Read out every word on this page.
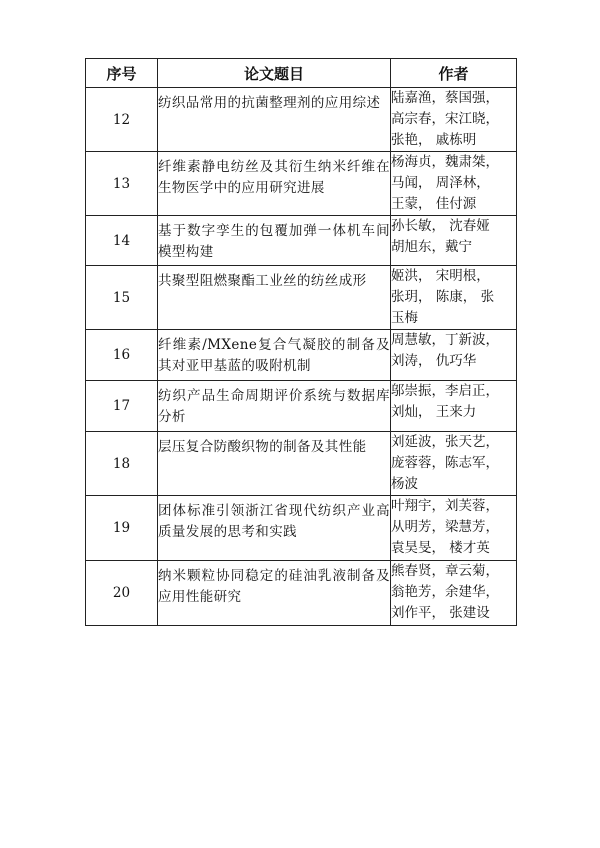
序号	论文题目	作者
12	纺织品常用的抗菌整理剂的应用综述	陆嘉渔，蔡国强，
高宗春，宋江晓，
张艳， 戚栋明

13	纤维素静电纺丝及其衍生纳米纤维在生物医学中的应用研究进展	杨海贞，魏肃桀，
马闻， 周泽林，
王蒙， 佳付源

14	基于数字孪生的包覆加弹一体机车间模型构建	孙长敏， 沈春娅
胡旭东，戴宁

15	共聚型阻燃聚酯工业丝的纺丝成形	姬洪， 宋明根，
张玥， 陈康， 张
玉梅

16	纤维素/MXene复合气凝胶的制备及其对亚甲基蓝的吸附机制	周慧敏，丁新波，
刘涛， 仇巧华

17	纺织产品生命周期评价系统与数据库分析	邬崇振，李启正，
刘灿， 王来力

18	层压复合防酸织物的制备及其性能	刘延波，张天艺，
庞蓉蓉，陈志军，
杨波

19	团体标准引领浙江省现代纺织产业高质量发展的思考和实践	叶翔宇，刘芙蓉，
从明芳，梁慧芳，
袁昊旻， 楼才英

20	纳米颗粒协同稳定的硅油乳液制备及应用性能研究	熊春贤，章云菊，
翁艳芳，余建华，
刘作平， 张建设
